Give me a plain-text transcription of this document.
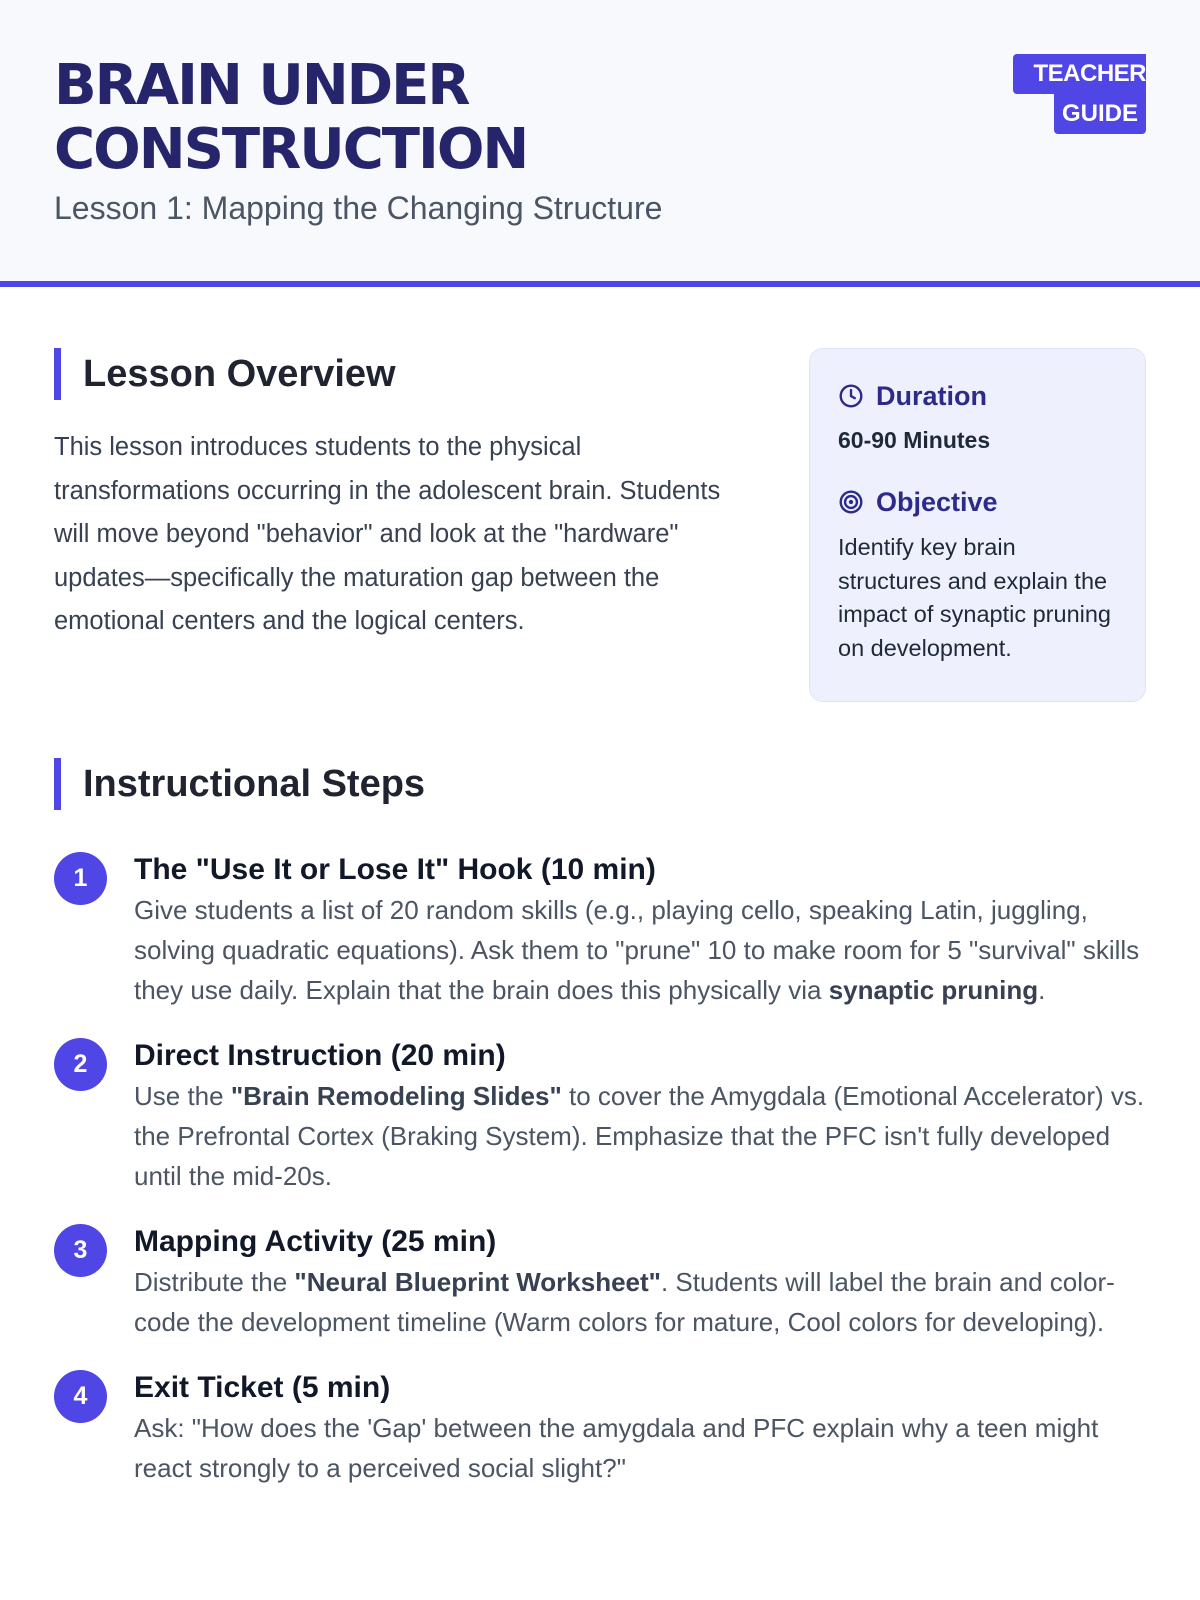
BRAIN UNDER CONSTRUCTION

Lesson 1: Mapping the Changing Structure

TEACHER
GUIDE
Lesson Overview

This lesson introduces students to the physical transformations occurring in the adolescent brain. Students will move beyond "behavior" and look at the "hardware" updates—specifically the maturation gap between the emotional centers and the logical centers.

Duration
60-90 Minutes
Objective

Identify key brain structures and explain the impact of synaptic pruning on development.

Instructional Steps
1	The "Use It or Lose It" Hook (10 min)

Give students a list of 20 random skills (e.g., playing cello, speaking Latin, juggling, solving quadratic equations). Ask them to "prune" 10 to make room for 5 "survival" skills they use daily. Explain that the brain does this physically via synaptic pruning.

2	Direct Instruction (20 min)

Use the "Brain Remodeling Slides" to cover the Amygdala (Emotional Accelerator) vs. the Prefrontal Cortex (Braking System). Emphasize that the PFC isn't fully developed until the mid-20s.

3	Mapping Activity (25 min)

Distribute the "Neural Blueprint Worksheet". Students will label the brain and color-code the development timeline (Warm colors for mature, Cool colors for developing).

4	Exit Ticket (5 min)

Ask: "How does the 'Gap' between the amygdala and PFC explain why a teen might react strongly to a perceived social slight?"
